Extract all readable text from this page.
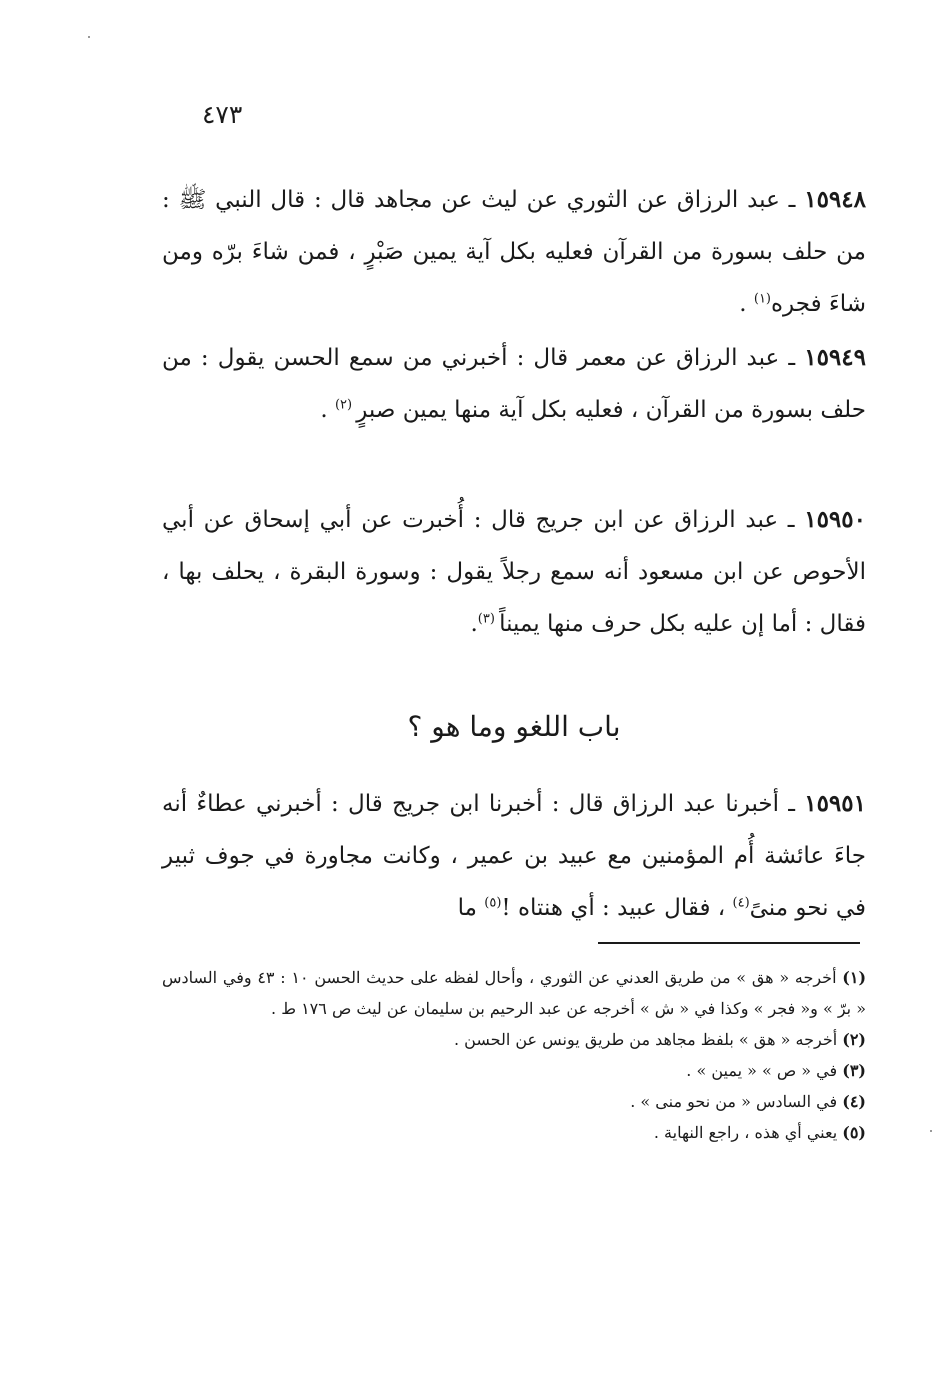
٤٧٣

١٥٩٤٨ ـ عبد الرزاق عن الثوري عن ليث عن مجاهد قال : قال النبي ﷺ : من حلف بسورة من القرآن فعليه بكل آية يمين صَبْرٍ ، فمن شاءَ برّه ومن شاءَ فجره$^{(١)}$ .

١٥٩٤٩ ـ عبد الرزاق عن معمر قال : أخبرني من سمع الحسن يقول : من حلف بسورة من القرآن ، فعليه بكل آية منها يمين صبرٍ $^{(٢)}$ .

١٥٩٥٠ ـ عبد الرزاق عن ابن جريج قال : أُخبرت عن أبي إسحاق عن أبي الأحوص عن ابن مسعود أنه سمع رجلاً يقول : وسورة البقرة ، يحلف بها ، فقال : أما إن عليه بكل حرف منها يميناً $^{(٣)}$.

باب اللغو وما هو ؟

١٥٩٥١ ـ أخبرنا عبد الرزاق قال : أخبرنا ابن جريج قال : أخبرني عطاءٌ أنه جاءَ عائشة أُم المؤمنين مع عبيد بن عمير ، وكانت مجاورة في جوف ثبير في نحو منىً$^{(٤)}$ ، فقال عبيد : أي هنتاه !$^{(٥)}$ ما

(١) أخرجه « هق » من طريق العدني عن الثوري ، وأحال لفظه على حديث الحسن ١٠ : ٤٣ وفي السادس « برّ » و« فجر » وكذا في « ش » أخرجه عن عبد الرحيم بن سليمان عن ليث ص ١٧٦ ط .

(٢) أخرجه « هق » بلفظ مجاهد من طريق يونس عن الحسن .

(٣) في « ص » « يمين » .

(٤) في السادس « من نحو منى » .

(٥) يعني أي هذه ، راجع النهاية .
